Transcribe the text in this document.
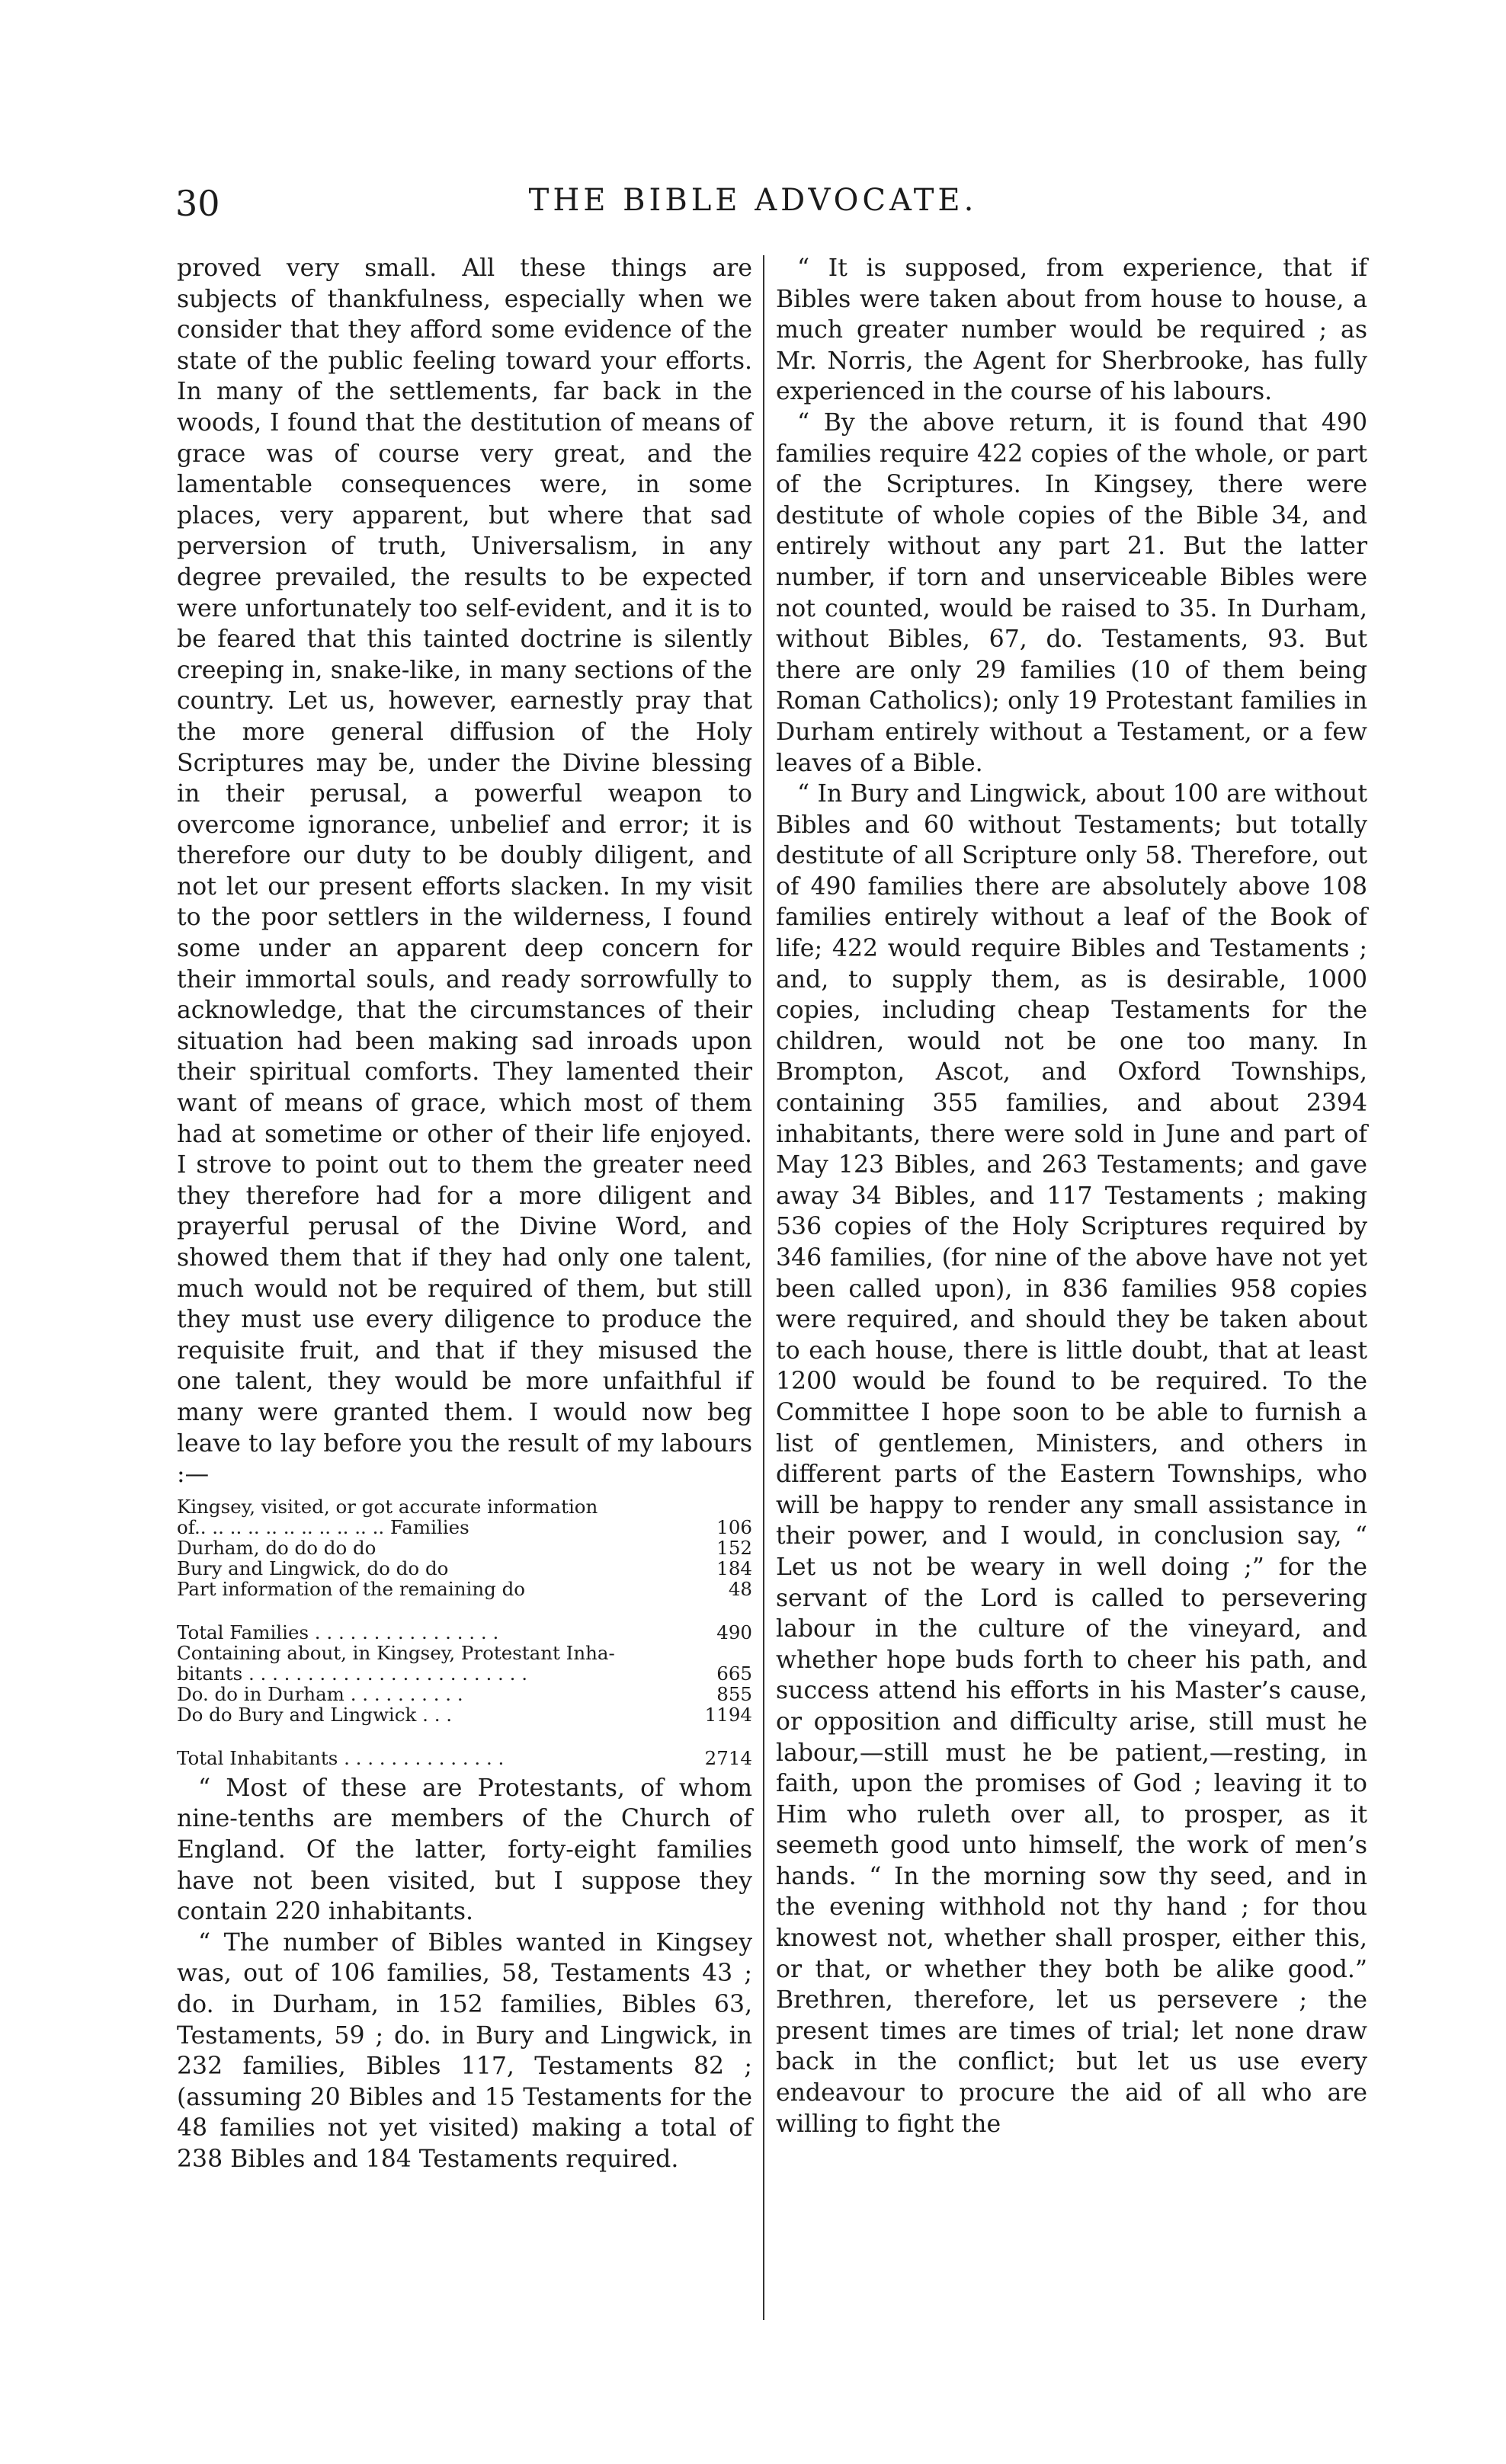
30	THE BIBLE ADVOCATE.

proved very small. All these things are subjects of thankfulness, especially when we consider that they afford some evidence of the state of the public feeling toward your efforts. In many of the settlements, far back in the woods, I found that the destitution of means of grace was of course very great, and the lamentable consequences were, in some places, very apparent, but where that sad perversion of truth, Universalism, in any degree prevailed, the results to be expected were unfortunately too self-evident, and it is to be feared that this tainted doctrine is silently creeping in, snake-like, in many sections of the country. Let us, however, earnestly pray that the more general diffusion of the Holy Scriptures may be, under the Divine blessing in their perusal, a powerful weapon to overcome ignorance, unbelief and error; it is therefore our duty to be doubly diligent, and not let our present efforts slacken. In my visit to the poor settlers in the wilderness, I found some under an apparent deep concern for their immortal souls, and ready sorrowfully to acknowledge, that the circumstances of their situation had been making sad inroads upon their spiritual comforts. They lamented their want of means of grace, which most of them had at sometime or other of their life enjoyed. I strove to point out to them the greater need they therefore had for a more diligent and prayerful perusal of the Divine Word, and showed them that if they had only one talent, much would not be required of them, but still they must use every diligence to produce the requisite fruit, and that if they misused the one talent, they would be more unfaithful if many were granted them. I would now beg leave to lay before you the result of my labours :—

Kingsey, visited, or got accurate information
of.. .. .. .. .. .. .. .. .. .. .. Families	106
Durham, do do do do	152
Bury and Lingwick, do do do	184
Part information of the remaining do	48
Total Families . . . . . . . . . . . . . . . .	490
Containing about, in Kingsey, Protestant Inha-
bitants . . . . . . . . . . . . . . . . . . . . . . . .	665
Do. do in Durham . . . . . . . . . .	855
Do do Bury and Lingwick . . .	1194
Total Inhabitants . . . . . . . . . . . . . .	2714

“ Most of these are Protestants, of whom nine-tenths are members of the Church of England. Of the latter, forty-eight families have not been visited, but I suppose they contain 220 inhabitants.

“ The number of Bibles wanted in Kingsey was, out of 106 families, 58, Testaments 43 ; do. in Durham, in 152 families, Bibles 63, Testaments, 59 ; do. in Bury and Lingwick, in 232 families, Bibles 117, Testaments 82 ; (assuming 20 Bibles and 15 Testaments for the 48 families not yet visited) making a total of 238 Bibles and 184 Testaments required.

“ It is supposed, from experience, that if Bibles were taken about from house to house, a much greater number would be required ; as Mr. Norris, the Agent for Sherbrooke, has fully experienced in the course of his labours.

“ By the above return, it is found that 490 families require 422 copies of the whole, or part of the Scriptures. In Kingsey, there were destitute of whole copies of the Bible 34, and entirely without any part 21. But the latter number, if torn and unserviceable Bibles were not counted, would be raised to 35. In Durham, without Bibles, 67, do. Testaments, 93. But there are only 29 families (10 of them being Roman Catholics); only 19 Protestant families in Durham entirely without a Testament, or a few leaves of a Bible.

“ In Bury and Lingwick, about 100 are without Bibles and 60 without Testaments; but totally destitute of all Scripture only 58. Therefore, out of 490 families there are absolutely above 108 families entirely without a leaf of the Book of life; 422 would require Bibles and Testaments ; and, to supply them, as is desirable, 1000 copies, including cheap Testaments for the children, would not be one too many. In Brompton, Ascot, and Oxford Townships, containing 355 families, and about 2394 inhabitants, there were sold in June and part of May 123 Bibles, and 263 Testaments; and gave away 34 Bibles, and 117 Testaments ; making 536 copies of the Holy Scriptures required by 346 families, (for nine of the above have not yet been called upon), in 836 families 958 copies were required, and should they be taken about to each house, there is little doubt, that at least 1200 would be found to be required. To the Committee I hope soon to be able to furnish a list of gentlemen, Ministers, and others in different parts of the Eastern Townships, who will be happy to render any small assistance in their power, and I would, in conclusion say, “ Let us not be weary in well doing ;” for the servant of the Lord is called to persevering labour in the culture of the vineyard, and whether hope buds forth to cheer his path, and success attend his efforts in his Master’s cause, or opposition and difficulty arise, still must he labour,—still must he be patient,—resting, in faith, upon the promises of God ; leaving it to Him who ruleth over all, to prosper, as it seemeth good unto himself, the work of men’s hands. “ In the morning sow thy seed, and in the evening withhold not thy hand ; for thou knowest not, whether shall prosper, either this, or that, or whether they both be alike good.” Brethren, therefore, let us persevere ; the present times are times of trial; let none draw back in the conflict; but let us use every endeavour to procure the aid of all who are willing to fight the
